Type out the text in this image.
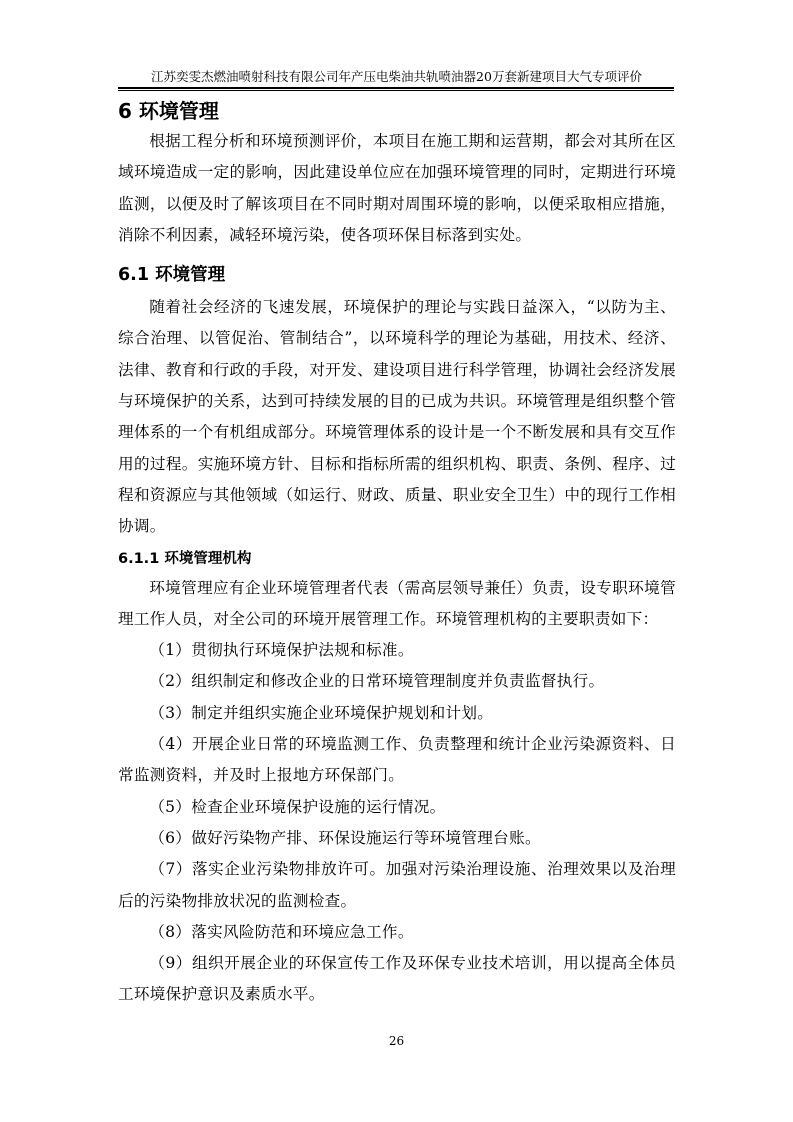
江苏奕雯杰燃油喷射科技有限公司年产压电柴油共轨喷油器20万套新建项目大气专项评价
6 环境管理

根据工程分析和环境预测评价，本项目在施工期和运营期，都会对其所在区域环境造成一定的影响，因此建设单位应在加强环境管理的同时，定期进行环境监测，以便及时了解该项目在不同时期对周围环境的影响，以便采取相应措施，消除不利因素，减轻环境污染，使各项环保目标落到实处。

6.1 环境管理

随着社会经济的飞速发展，环境保护的理论与实践日益深入，“以防为主、综合治理、以管促治、管制结合”，以环境科学的理论为基础，用技术、经济、法律、教育和行政的手段，对开发、建设项目进行科学管理，协调社会经济发展与环境保护的关系，达到可持续发展的目的已成为共识。环境管理是组织整个管理体系的一个有机组成部分。环境管理体系的设计是一个不断发展和具有交互作用的过程。实施环境方针、目标和指标所需的组织机构、职责、条例、程序、过程和资源应与其他领域（如运行、财政、质量、职业安全卫生）中的现行工作相协调。

6.1.1 环境管理机构

环境管理应有企业环境管理者代表（需高层领导兼任）负责，设专职环境管理工作人员，对全公司的环境开展管理工作。环境管理机构的主要职责如下：

（1）贯彻执行环境保护法规和标准。

（2）组织制定和修改企业的日常环境管理制度并负责监督执行。

（3）制定并组织实施企业环境保护规划和计划。

（4）开展企业日常的环境监测工作、负责整理和统计企业污染源资料、日常监测资料，并及时上报地方环保部门。

（5）检查企业环境保护设施的运行情况。

（6）做好污染物产排、环保设施运行等环境管理台账。

（7）落实企业污染物排放许可。加强对污染治理设施、治理效果以及治理后的污染物排放状况的监测检查。

（8）落实风险防范和环境应急工作。

（9）组织开展企业的环保宣传工作及环保专业技术培训，用以提高全体员工环境保护意识及素质水平。

26
